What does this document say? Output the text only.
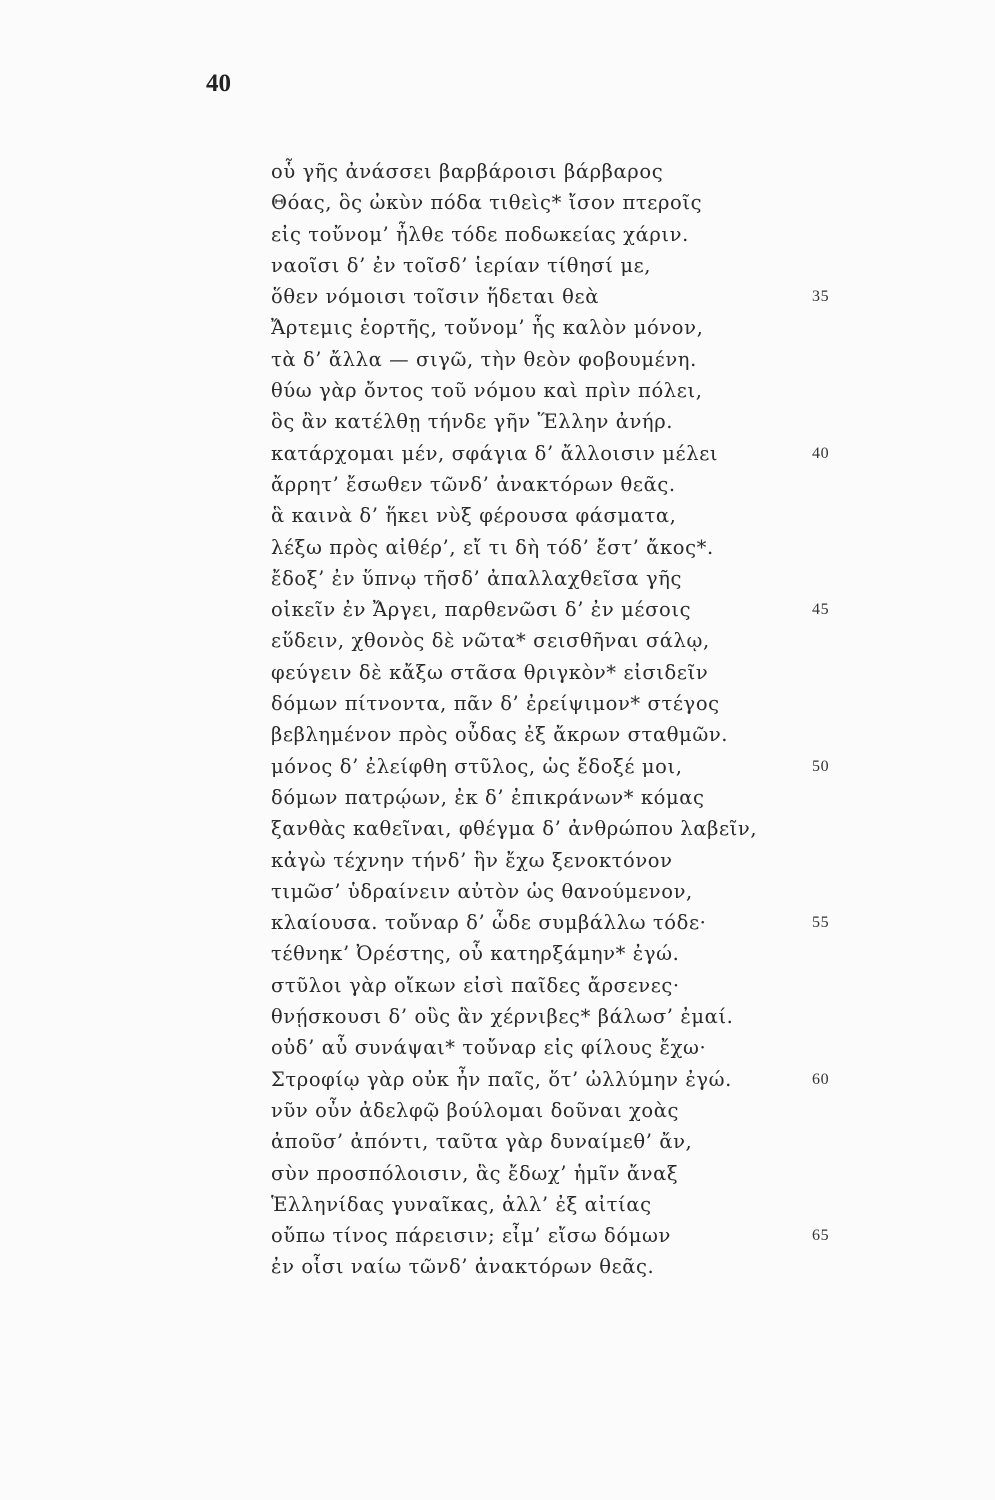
40
οὗ γῆς ἀνάσσει βαρβάροισι βάρβαρος
Θόας, ὃς ὠκὺν πόδα τιθεὶς* ἴσον πτεροῖς
εἰς τοὔνομ’ ἦλθε τόδε ποδωκείας χάριν.
ναοῖσι δ’ ἐν τοῖσδ’ ἱερίαν τίθησί με,
ὅθεν νόμοισι τοῖσιν ἥδεται θεὰ	35
Ἄρτεμις ἑορτῆς, τοὔνομ’ ἧς καλὸν μόνον,
τὰ δ’ ἄλλα — σιγῶ, τὴν θεὸν φοβουμένη.
θύω γὰρ ὄντος τοῦ νόμου καὶ πρὶν πόλει,
ὃς ἂν κατέλθῃ τήνδε γῆν Ἕλλην ἀνήρ.
κατάρχομαι μέν, σφάγια δ’ ἄλλοισιν μέλει	40
ἄρρητ’ ἔσωθεν τῶνδ’ ἀνακτόρων θεᾶς.
ἃ καινὰ δ’ ἥκει νὺξ φέρουσα φάσματα,
λέξω πρὸς αἰθέρ’, εἴ τι δὴ τόδ’ ἔστ’ ἄκος*.
ἔδοξ’ ἐν ὕπνῳ τῆσδ’ ἀπαλλαχθεῖσα γῆς
οἰκεῖν ἐν Ἄργει, παρθενῶσι δ’ ἐν μέσοις	45
εὕδειν, χθονὸς δὲ νῶτα* σεισθῆναι σάλῳ,
φεύγειν δὲ κἄξω στᾶσα θριγκὸν* εἰσιδεῖν
δόμων πίτνοντα, πᾶν δ’ ἐρείψιμον* στέγος
βεβλημένον πρὸς οὖδας ἐξ ἄκρων σταθμῶν.
μόνος δ’ ἐλείφθη στῦλος, ὡς ἔδοξέ μοι,	50
δόμων πατρῴων, ἐκ δ’ ἐπικράνων* κόμας
ξανθὰς καθεῖναι, φθέγμα δ’ ἀνθρώπου λαβεῖν,
κἀγὼ τέχνην τήνδ’ ἣν ἔχω ξενοκτόνον
τιμῶσ’ ὑδραίνειν αὐτὸν ὡς θανούμενον,
κλαίουσα. τοὔναρ δ’ ὧδε συμβάλλω τόδε·	55
τέθνηκ’ Ὀρέστης, οὗ κατηρξάμην* ἐγώ.
στῦλοι γὰρ οἴκων εἰσὶ παῖδες ἄρσενες·
θνῄσκουσι δ’ οὓς ἂν χέρνιβες* βάλωσ’ ἐμαί.
οὐδ’ αὖ συνάψαι* τοὔναρ εἰς φίλους ἔχω·
Στροφίῳ γὰρ οὐκ ἦν παῖς, ὅτ’ ὠλλύμην ἐγώ.	60
νῦν οὖν ἀδελφῷ βούλομαι δοῦναι χοὰς
ἀποῦσ’ ἀπόντι, ταῦτα γὰρ δυναίμεθ’ ἄν,
σὺν προσπόλοισιν, ἃς ἔδωχ’ ἡμῖν ἄναξ
Ἑλληνίδας γυναῖκας, ἀλλ’ ἐξ αἰτίας
οὔπω τίνος πάρεισιν; εἶμ’ εἴσω δόμων	65
ἐν οἷσι ναίω τῶνδ’ ἀνακτόρων θεᾶς.
